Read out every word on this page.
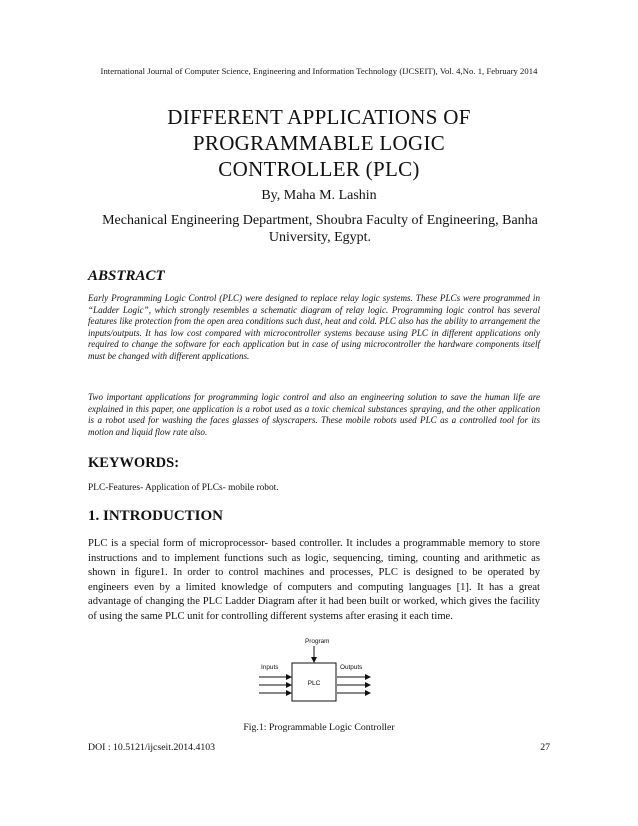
International Journal of Computer Science, Engineering and Information Technology (IJCSEIT), Vol. 4,No. 1, February 2014
DIFFERENT APPLICATIONS OF
PROGRAMMABLE LOGIC
CONTROLLER (PLC)
By, Maha M. Lashin
Mechanical Engineering Department, Shoubra Faculty of Engineering, Banha University, Egypt.
ABSTRACT

Early Programming Logic Control (PLC) were designed to replace relay logic systems. These PLCs were programmed in “Ladder Logic”, which strongly resembles a schematic diagram of relay logic. Programming logic control has several features like protection from the open area conditions such dust, heat and cold. PLC also has the ability to arrangement the inputs/outputs. It has low cost compared with microcontroller systems because using PLC in different applications only required to change the software for each application but in case of using microcontroller the hardware components itself must be changed with different applications.

Two important applications for programming logic control and also an engineering solution to save the human life are explained in this paper, one application is a robot used as a toxic chemical substances spraying, and the other application is a robot used for washing the faces glasses of skyscrapers. These mobile robots used PLC as a controlled tool for its motion and liquid flow rate also.

KEYWORDS:
PLC-Features- Application of PLCs- mobile robot.
1. INTRODUCTION

PLC is a special form of microprocessor- based controller. It includes a programmable memory to store instructions and to implement functions such as logic, sequencing, timing, counting and arithmetic as shown in figure1. In order to control machines and processes, PLC is designed to be operated by engineers even by a limited knowledge of computers and computing languages [1]. It has a great advantage of changing the PLC Ladder Diagram after it had been built or worked, which gives the facility of using the same PLC unit for controlling different systems after erasing it each time.

Program
PLC
Inputs	Outputs
Fig.1: Programmable Logic Controller
DOI : 10.5121/ijcseit.2014.4103	27
